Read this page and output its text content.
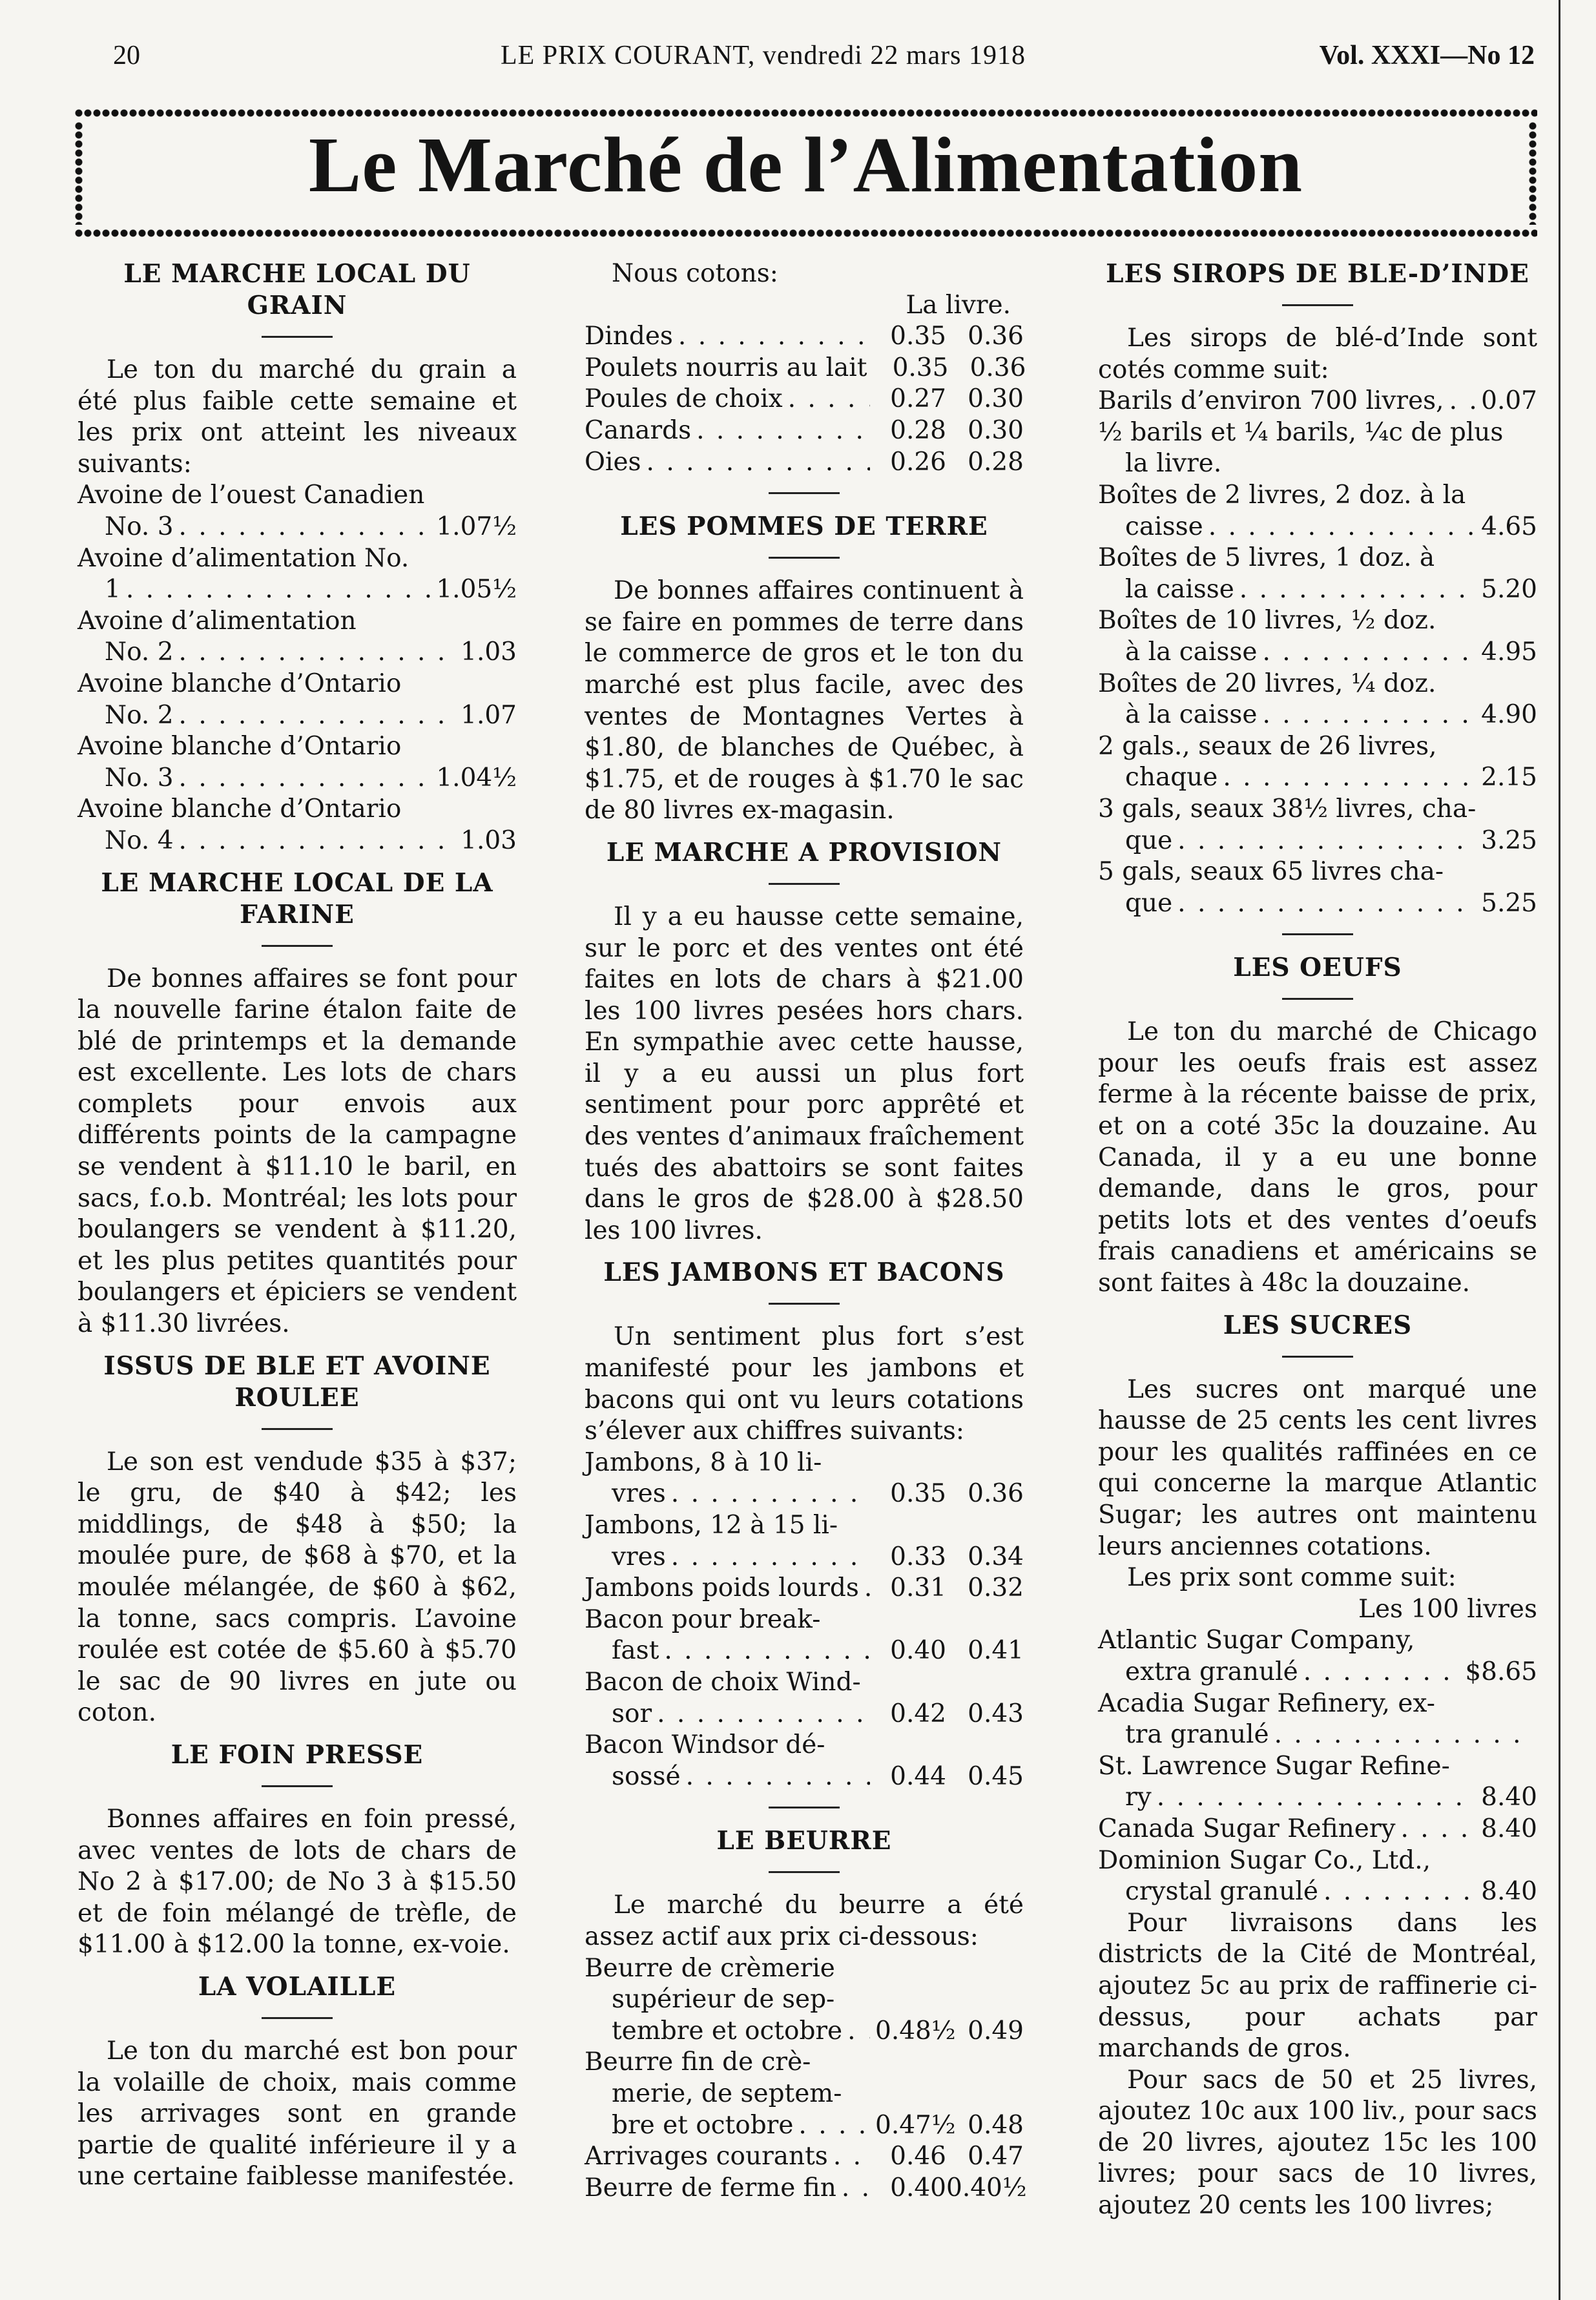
20	LE PRIX COURANT, vendredi 22 mars 1918	Vol. XXXI—No 12
Le Marché de l’Alimentation
LE MARCHE LOCAL DU GRAIN

Le ton du marché du grain a été plus faible cette semaine et les prix ont atteint les niveaux suivants:

Avoine de l’ouest Canadien
No. 3 . . .	1.07½
Avoine d’alimentation No.
1 . . .	1.05½
Avoine d’alimentation
No. 2 . . .	1.03
Avoine blanche d’Ontario
No. 2 . . .	1.07
Avoine blanche d’Ontario
No. 3 . . .	1.04½
Avoine blanche d’Ontario
No. 4 . . .	1.03
LE MARCHE LOCAL DE LA FARINE

De bonnes affaires se font pour la nouvelle farine étalon faite de blé de printemps et la demande est excellente. Les lots de chars complets pour envois aux différents points de la campagne se vendent à $11.10 le baril, en sacs, f.o.b. Montréal; les lots pour boulangers se vendent à $11.20, et les plus petites quantités pour boulangers et épiciers se vendent à $11.30 livrées.

ISSUS DE BLE ET AVOINE ROULEE

Le son est vendude $35 à $37; le gru, de $40 à $42; les middlings, de $48 à $50; la moulée pure, de $68 à $70, et la moulée mélangée, de $60 à $62, la tonne, sacs compris. L’avoine roulée est cotée de $5.60 à $5.70 le sac de 90 livres en jute ou coton.

LE FOIN PRESSE

Bonnes affaires en foin pressé, avec ventes de lots de chars de No 2 à $17.00; de No 3 à $15.50 et de foin mélangé de trèfle, de $11.00 à $12.00 la tonne, ex-voie.

LA VOLAILLE

Le ton du marché est bon pour la volaille de choix, mais comme les arrivages sont en grande partie de qualité inférieure il y a une certaine faiblesse manifestée.

Nous cotons:
La livre.
Dindes . . .	0.35 0.36
Poulets nourris au lait	0.35 0.36
Poules de choix . . .	0.27 0.30
Canards . . .	0.28 0.30
Oies . . .	0.26 0.28
LES POMMES DE TERRE

De bonnes affaires continuent à se faire en pommes de terre dans le commerce de gros et le ton du marché est plus facile, avec des ventes de Montagnes Vertes à $1.80, de blanches de Québec, à $1.75, et de rouges à $1.70 le sac de 80 livres ex-magasin.

LE MARCHE A PROVISION

Il y a eu hausse cette semaine, sur le porc et des ventes ont été faites en lots de chars à $21.00 les 100 livres pesées hors chars. En sympathie avec cette hausse, il y a eu aussi un plus fort sentiment pour porc apprêté et des ventes d’animaux fraîchement tués des abattoirs se sont faites dans le gros de $28.00 à $28.50 les 100 livres.

LES JAMBONS ET BACONS

Un sentiment plus fort s’est manifesté pour les jambons et bacons qui ont vu leurs cotations s’élever aux chiffres suivants:

Jambons, 8 à 10 li-
vres . . .	0.35 0.36
Jambons, 12 à 15 li-
vres . . .	0.33 0.34
Jambons poids lourds . . .	0.31 0.32
Bacon pour break-
fast . . .	0.40 0.41
Bacon de choix Wind-
sor . . .	0.42 0.43
Bacon Windsor dé-
sossé . . .	0.44 0.45
LE BEURRE

Le marché du beurre a été assez actif aux prix ci-dessous:

Beurre de crèmerie
supérieur de sep-
tembre et octobre . . . 0.48½ 0.49
Beurre fin de crè-
merie, de septem-
bre et octobre . . .	0.47½ 0.48
Arrivages courants . . .	0.46 0.47
Beurre de ferme fin . . .	0.40 0.40½
LES SIROPS DE BLE-D’INDE

Les sirops de blé-d’Inde sont cotés comme suit:

Barils d’environ 700 livres, . . . 0.07
½ barils et ¼ barils, ¼c de plus
la livre.
Boîtes de 2 livres, 2 doz. à la
caisse . . .	4.65
Boîtes de 5 livres, 1 doz. à
la caisse . . .	5.20
Boîtes de 10 livres, ½ doz.
à la caisse . . .	4.95
Boîtes de 20 livres, ¼ doz.
à la caisse . . .	4.90
2 gals., seaux de 26 livres,
chaque . . .	2.15
3 gals, seaux 38½ livres, cha-
que . . .	3.25
5 gals, seaux 65 livres cha-
que . . .	5.25
LES OEUFS

Le ton du marché de Chicago pour les oeufs frais est assez ferme à la récente baisse de prix, et on a coté 35c la douzaine. Au Canada, il y a eu une bonne demande, dans le gros, pour petits lots et des ventes d’oeufs frais canadiens et américains se sont faites à 48c la douzaine.

LES SUCRES

Les sucres ont marqué une hausse de 25 cents les cent livres pour les qualités raffinées en ce qui concerne la marque Atlantic Sugar; les autres ont maintenu leurs anciennes cotations.

Les prix sont comme suit:

Les 100 livres
Atlantic Sugar Company,
extra granulé . . .	$8.65
Acadia Sugar Refinery, ex-
tra granulé
. . .
St. Lawrence Sugar Refine-
ry . . .	8.40
Canada Sugar Refinery . . .	8.40
Dominion Sugar Co., Ltd.,
crystal granulé . . .	8.40

Pour livraisons dans les districts de la Cité de Montréal, ajoutez 5c au prix de raffinerie ci-dessus, pour achats par marchands de gros.

Pour sacs de 50 et 25 livres, ajoutez 10c aux 100 liv., pour sacs de 20 livres, ajoutez 15c les 100 livres; pour sacs de 10 livres, ajoutez 20 cents les 100 livres;
